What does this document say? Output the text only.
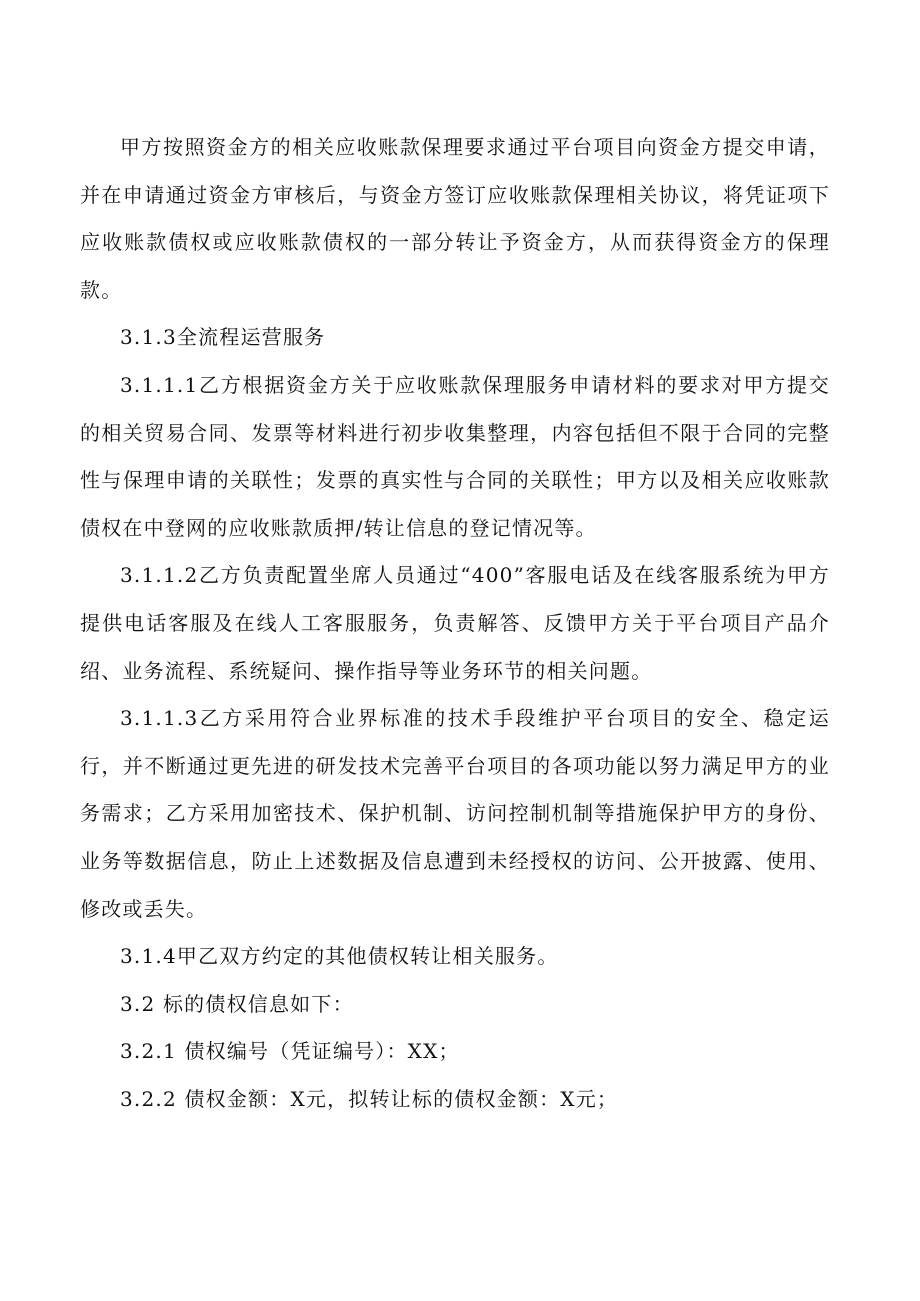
甲方按照资金方的相关应收账款保理要求通过平台项目向资金方提交申请，并在申请通过资金方审核后，与资金方签订应收账款保理相关协议，将凭证项下应收账款债权或应收账款债权的一部分转让予资金方，从而获得资金方的保理款。

3.1.3全流程运营服务

3.1.1.1乙方根据资金方关于应收账款保理服务申请材料的要求对甲方提交的相关贸易合同、发票等材料进行初步收集整理，内容包括但不限于合同的完整性与保理申请的关联性；发票的真实性与合同的关联性；甲方以及相关应收账款债权在中登网的应收账款质押/转让信息的登记情况等。

3.1.1.2乙方负责配置坐席人员通过“400”客服电话及在线客服系统为甲方提供电话客服及在线人工客服服务，负责解答、反馈甲方关于平台项目产品介绍、业务流程、系统疑问、操作指导等业务环节的相关问题。

3.1.1.3乙方采用符合业界标准的技术手段维护平台项目的安全、稳定运行，并不断通过更先进的研发技术完善平台项目的各项功能以努力满足甲方的业务需求；乙方采用加密技术、保护机制、访问控制机制等措施保护甲方的身份、业务等数据信息，防止上述数据及信息遭到未经授权的访问、公开披露、使用、修改或丢失。

3.1.4甲乙双方约定的其他债权转让相关服务。

3.2 标的债权信息如下：

3.2.1 债权编号（凭证编号）：XX；

3.2.2 债权金额：X元，拟转让标的债权金额：X元；
